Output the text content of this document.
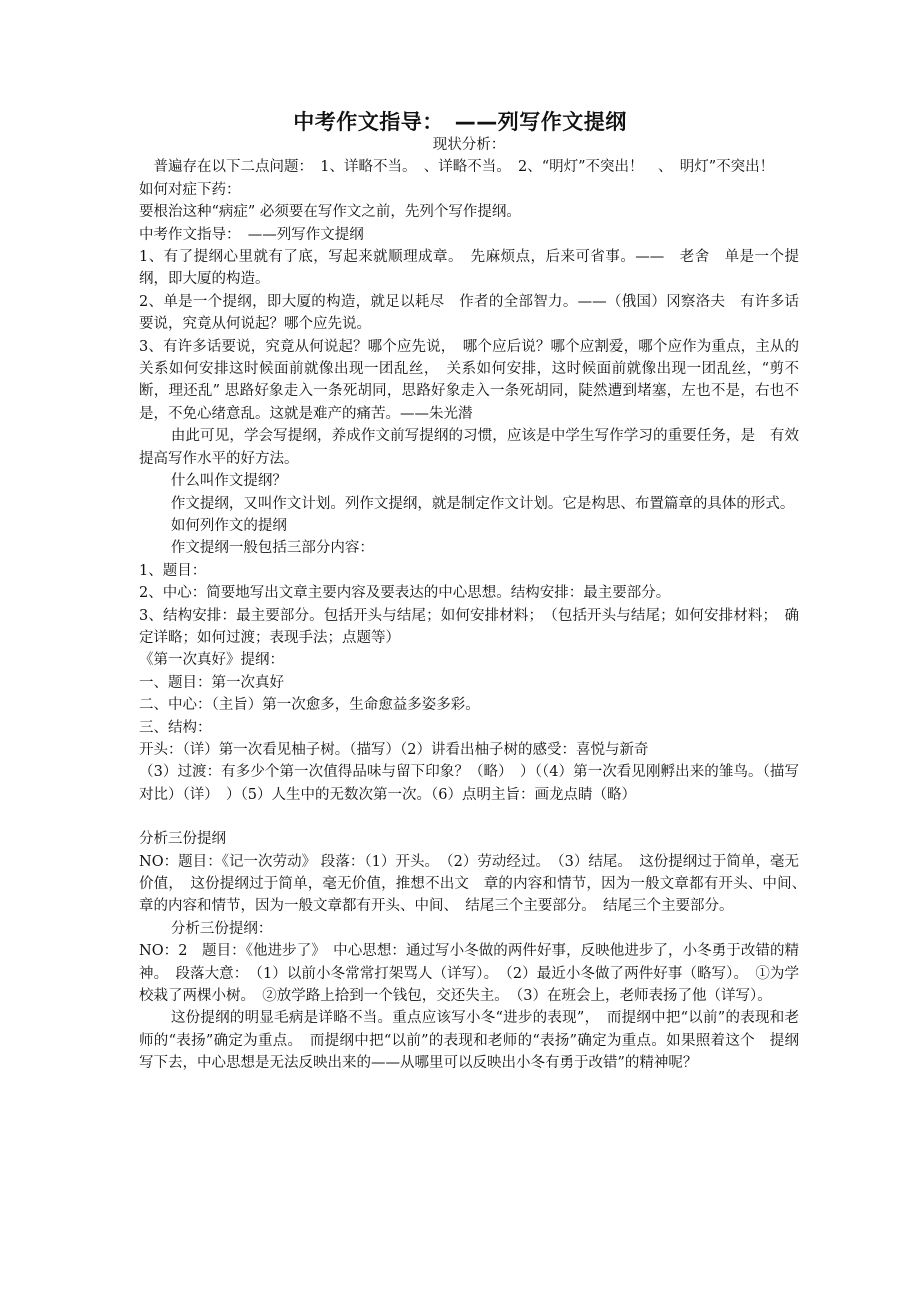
中考作文指导：　——列写作文提纲

现状分析：

普遍存在以下二点问题：　1、详略不当。　、详略不当。　2、“明灯”不突出！　、　明灯”不突出！

如何对症下药：

要根治这种“病症” 必须要在写作文之前，先列个写作提纲。

中考作文指导：　——列写作文提纲

1、有了提纲心里就有了底，写起来就顺理成章。　先麻烦点，后来可省事。——　老舍　单是一个提纲，即大厦的构造。

2、单是一个提纲，即大厦的构造，就足以耗尽　作者的全部智力。——（俄国）冈察洛夫　有许多话要说，究竟从何说起？哪个应先说。

3、有许多话要说，究竟从何说起？哪个应先说，　哪个应后说？哪个应割爱，哪个应作为重点，主从的关系如何安排这时候面前就像出现一团乱丝，　关系如何安排，这时候面前就像出现一团乱丝，“剪不断，理还乱” 思路好象走入一条死胡同，思路好象走入一条死胡同，陡然遭到堵塞，左也不是，右也不是，不免心绪意乱。这就是难产的痛苦。——朱光潜

由此可见，学会写提纲，养成作文前写提纲的习惯，应该是中学生写作学习的重要任务，是　有效提高写作水平的好方法。

什么叫作文提纲？

作文提纲，又叫作文计划。列作文提纲，就是制定作文计划。它是构思、布置篇章的具体的形式。

如何列作文的提纲

作文提纲一般包括三部分内容：

1、题目：

2、中心：简要地写出文章主要内容及要表达的中心思想。结构安排：最主要部分。

3、结构安排：最主要部分。包括开头与结尾；如何安排材料；　（包括开头与结尾；如何安排材料；　确定详略；如何过渡；表现手法；点题等）

《第一次真好》提纲：

一、题目：第一次真好

二、中心：（主旨）第一次愈多，生命愈益多姿多彩。

三、结构：

开头：（详）第一次看见柚子树。（描写）（2）讲看出柚子树的感受：喜悦与新奇

（3）过渡：有多少个第一次值得品味与留下印象？（略）　）（（4）第一次看见刚孵出来的雏鸟。（描写　对比）（详）　）（5）人生中的无数次第一次。（6）点明主旨：画龙点睛（略）

分析三份提纲

NO：题目：《记一次劳动》 段落：（1）开头。　（2）劳动经过。　（3）结尾。　这份提纲过于简单，毫无价值，　这份提纲过于简单，毫无价值，推想不出文　章的内容和情节，因为一般文章都有开头、中间、　章的内容和情节，因为一般文章都有开头、中间、　结尾三个主要部分。　结尾三个主要部分。

分析三份提纲：

NO：2　题目：《他进步了》　中心思想：通过写小冬做的两件好事，反映他进步了，小冬勇于改错的精神。　段落大意：　（1）以前小冬常常打架骂人（详写）。　（2）最近小冬做了两件好事（略写）。　①为学校栽了两棵小树。　②放学路上拾到一个钱包，交还失主。　（3）在班会上，老师表扬了他（详写）。

这份提纲的明显毛病是详略不当。重点应该写小冬“进步的表现”，　而提纲中把“以前”的表现和老师的“表扬”确定为重点。　而提纲中把“以前”的表现和老师的“表扬”确定为重点。如果照着这个　提纲写下去，中心思想是无法反映出来的——从哪里可以反映出小冬有勇于改错”的精神呢？
